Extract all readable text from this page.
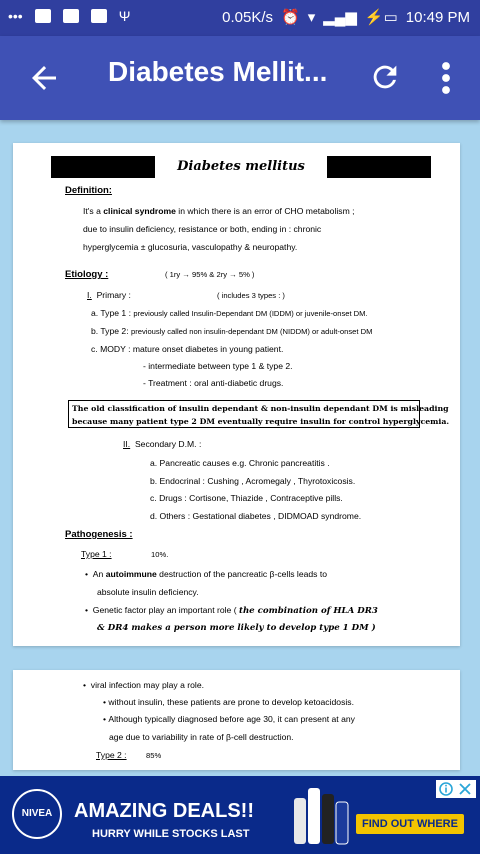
•••	Ψ	0.05K/s ⏰ ▾ ▂▄▆ ⚡▭ 10:49 PM
Diabetes Mellit...
Diabetes mellitus
Definition:
It's a clinical syndrome in which there is an error of CHO metabolism ;
due to insulin deficiency, resistance or both, ending in : chronic
hyperglycemia ± glucosuria, vasculopathy & neuropathy.
Etiology :	( 1ry → 95% & 2ry → 5% )
I. Primary :	( includes 3 types : )
a. Type 1 : previously called Insulin-Dependant DM (IDDM) or juvenile-onset DM.
b. Type 2: previously called non insulin-dependant DM (NIDDM) or adult-onset DM
c. MODY : mature onset diabetes in young patient.
- intermediate between type 1 & type 2.
- Treatment : oral anti-diabetic drugs.
The old classification of insulin dependant & non-insulin dependant DM is misleading
because many patient type 2 DM eventually require insulin for control hyperglycemia.
II. Secondary D.M. :
a. Pancreatic causes e.g. Chronic pancreatitis .
b. Endocrinal : Cushing , Acromegaly , Thyrotoxicosis.
c. Drugs : Cortisone, Thiazide , Contraceptive pills.
d. Others : Gestational diabetes , DIDMOAD syndrome.
Pathogenesis :
Type 1 :	10%.
•  An autoimmune destruction of the pancreatic β-cells leads to
absolute insulin deficiency.
•  Genetic factor play an important role ( the combination of HLA DR3
& DR4 makes a person more likely to develop type 1 DM )
•  viral infection may play a role.
• without insulin, these patients are prone to develop ketoacidosis.
• Although typically diagnosed before age 30, it can present at any
age due to variability in rate of β-cell destruction.
Type 2 :	85%
NIVEA	AMAZING DEALS!!
HURRY WHILE STOCKS LAST
FIND OUT WHERE
